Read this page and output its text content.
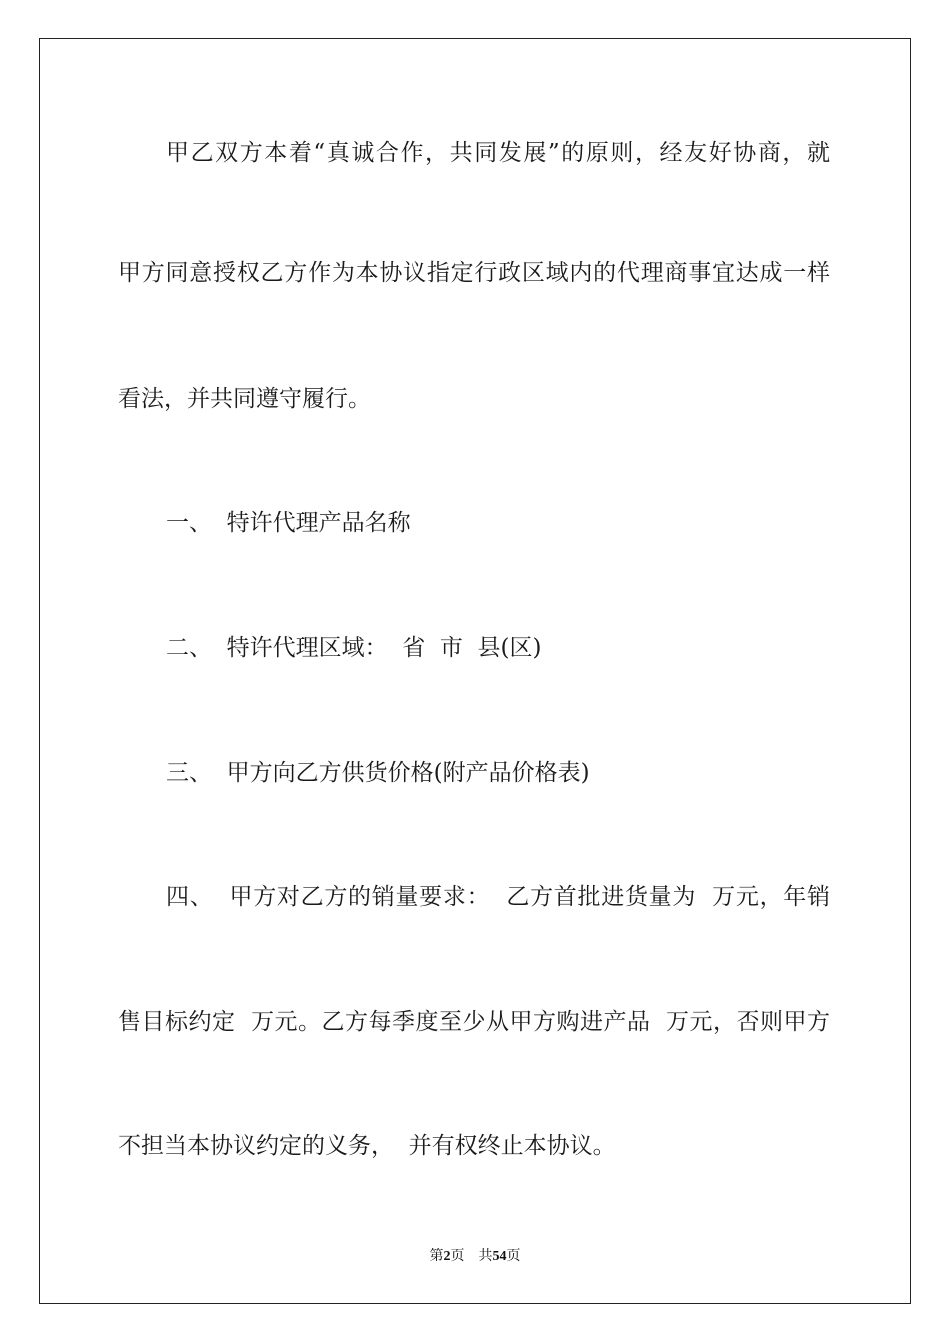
甲乙双方本着“真诚合作，共同发展”的原则，经友好协商，就

甲方同意授权乙方作为本协议指定行政区域内的代理商事宜达成一样

看法，并共同遵守履行。

一、  特许代理产品名称

二、  特许代理区域：  省  市  县(区)

三、  甲方向乙方供货价格(附产品价格表)

四、  甲方对乙方的销量要求：  乙方首批进货量为  万元，年销

售目标约定  万元。乙方每季度至少从甲方购进产品  万元，否则甲方

不担当本协议约定的义务，  并有权终止本协议。

第2页 共54页
